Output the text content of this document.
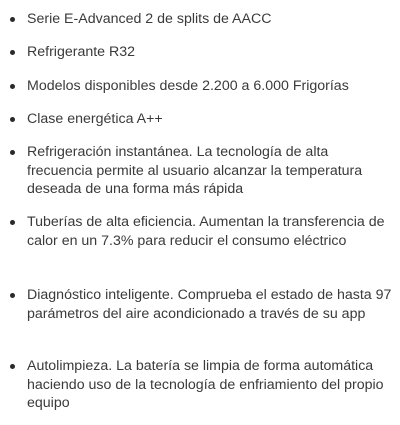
Serie E-Advanced 2 de splits de AACC
Refrigerante R32
Modelos disponibles desde 2.200 a 6.000 Frigorías
Clase energética A++
Refrigeración instantánea. La tecnología de alta frecuencia permite al usuario alcanzar la temperatura deseada de una forma más rápida
Tuberías de alta eficiencia. Aumentan la transferencia de calor en un 7.3% para reducir el consumo eléctrico
Diagnóstico inteligente. Comprueba el estado de hasta 97 parámetros del aire acondicionado a través de su app
Autolimpieza. La batería se limpia de forma automática haciendo uso de la tecnología de enfriamiento del propio equipo
